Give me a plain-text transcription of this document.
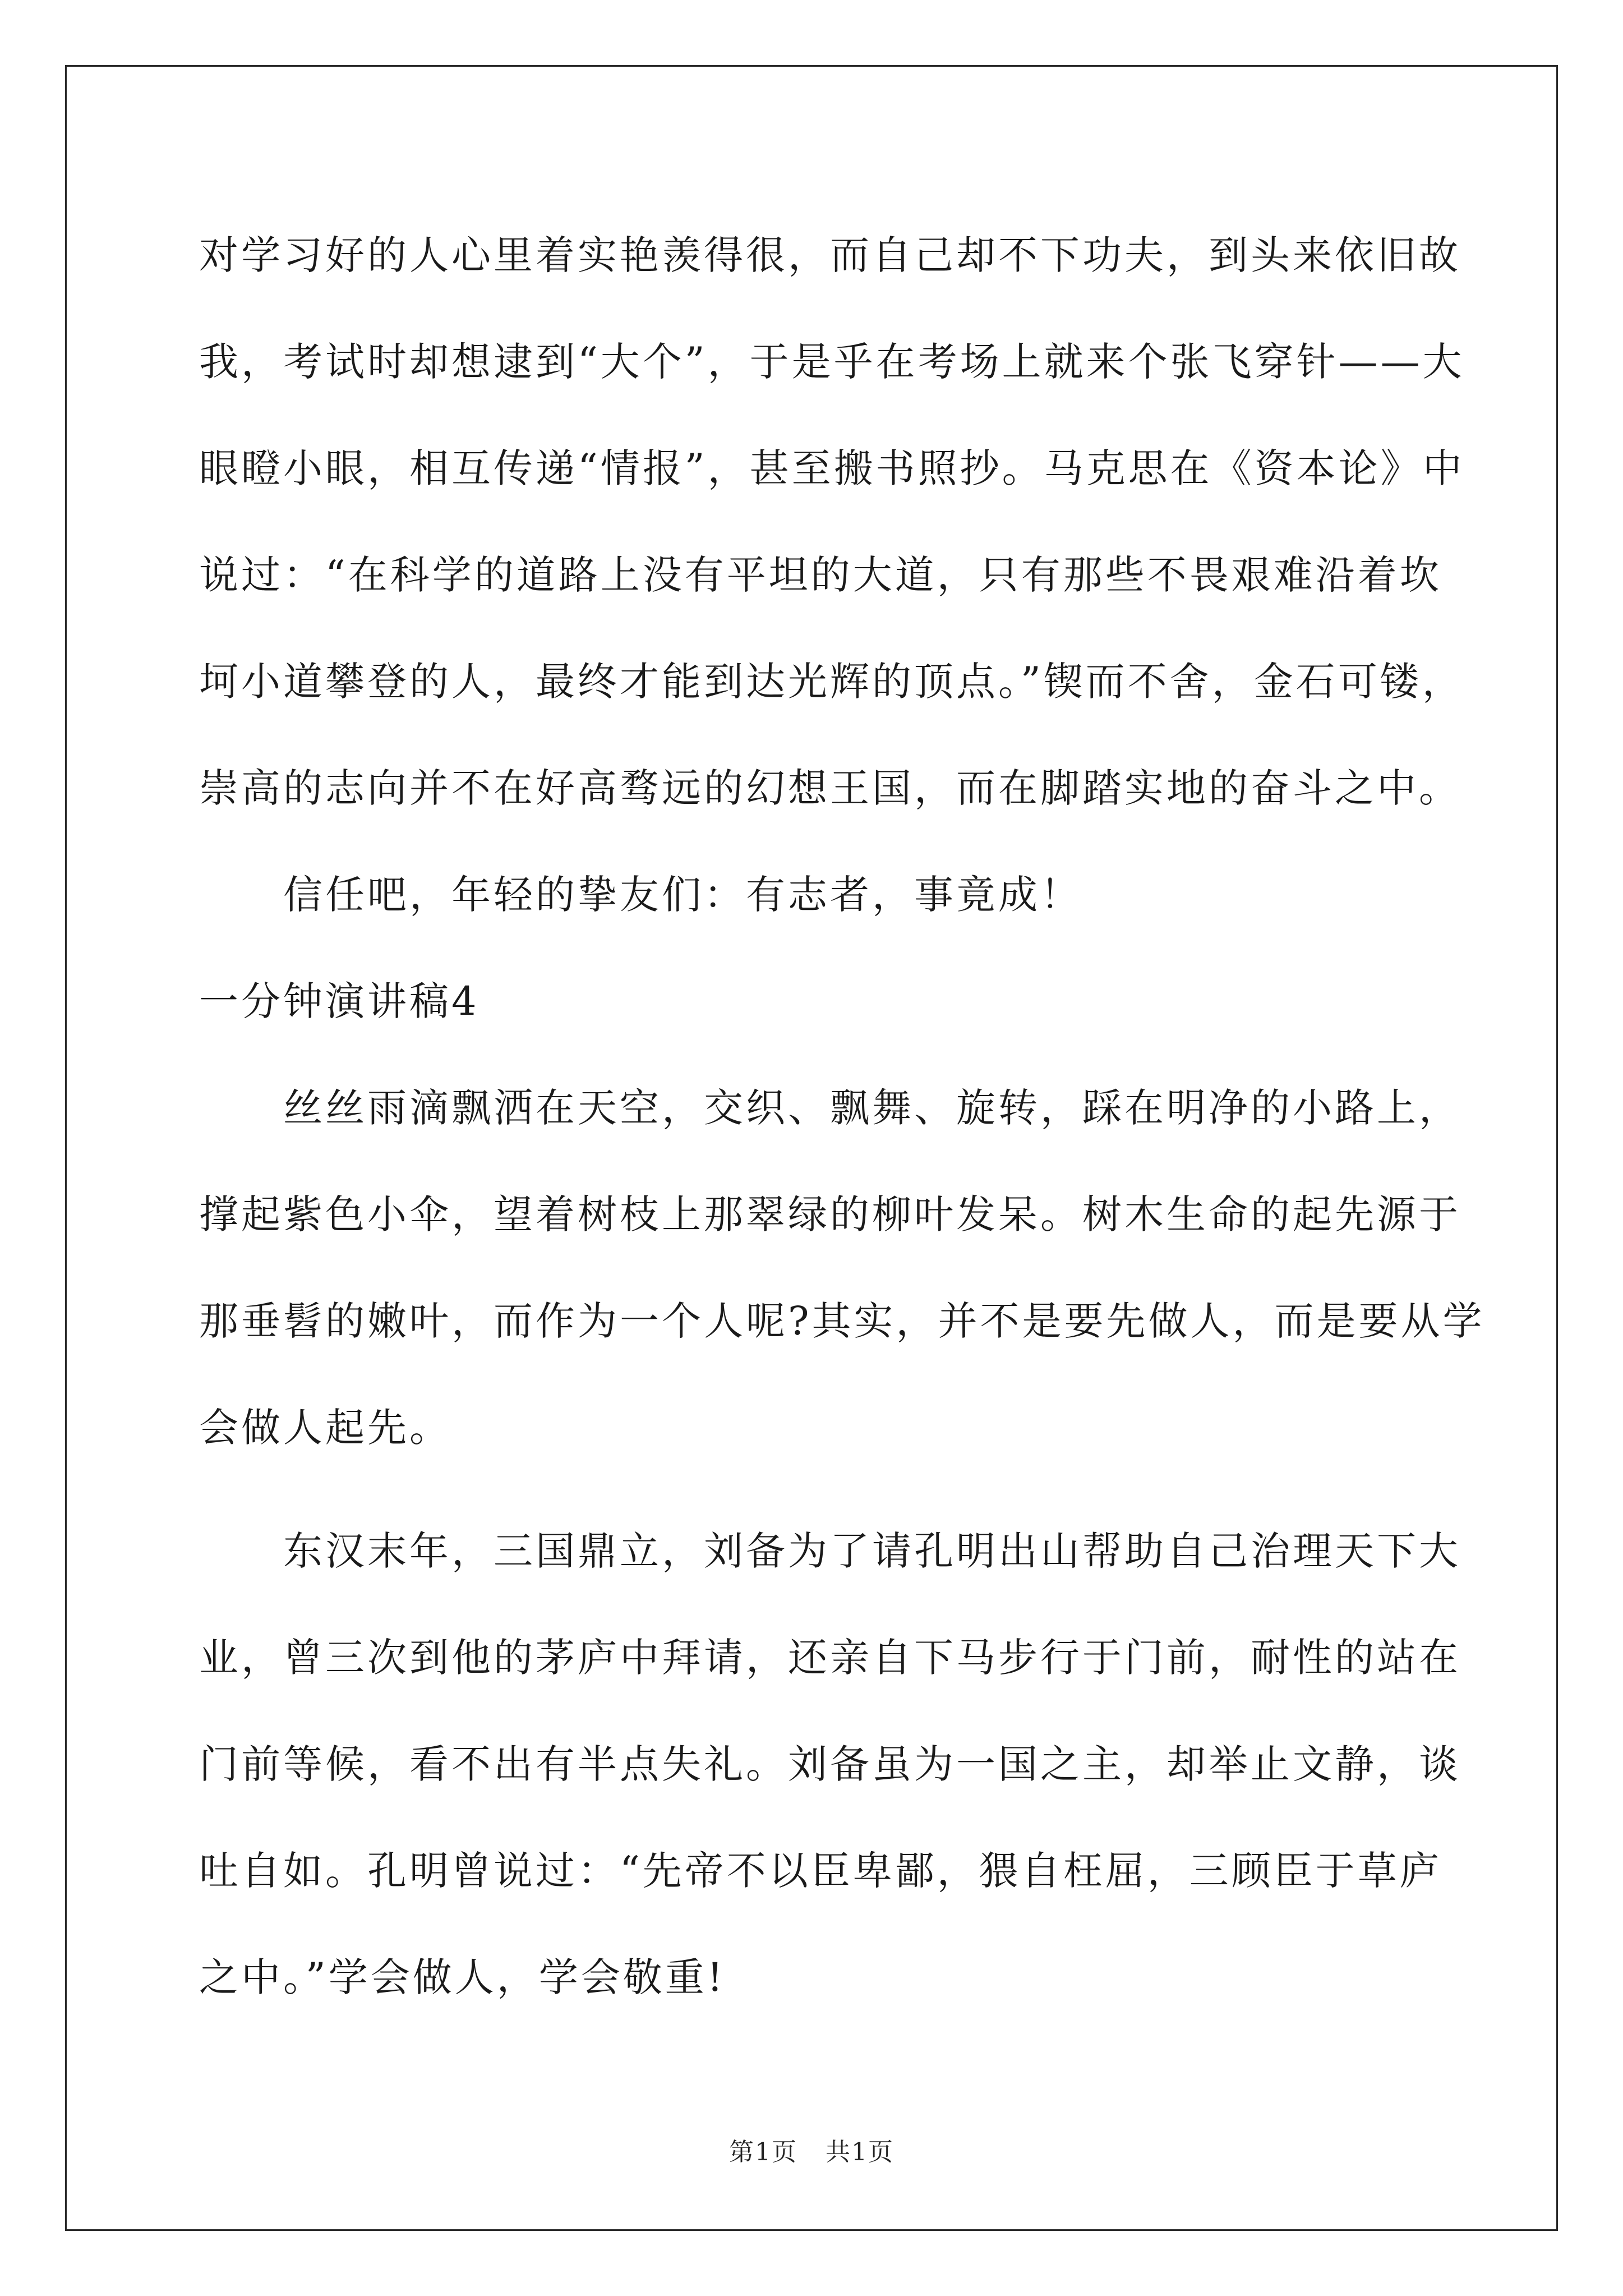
对学习好的人心里着实艳羡得很，而自己却不下功夫，到头来依旧故
我，考试时却想逮到“大个”，于是乎在考场上就来个张飞穿针——大
眼瞪小眼，相互传递“情报”，甚至搬书照抄。马克思在《资本论》中
说过：“在科学的道路上没有平坦的大道，只有那些不畏艰难沿着坎
坷小道攀登的人，最终才能到达光辉的顶点。”锲而不舍，金石可镂，
崇高的志向并不在好高骛远的幻想王国，而在脚踏实地的奋斗之中。
信任吧，年轻的挚友们：有志者，事竟成！
一分钟演讲稿4
丝丝雨滴飘洒在天空，交织、飘舞、旋转，踩在明净的小路上，
撑起紫色小伞，望着树枝上那翠绿的柳叶发呆。树木生命的起先源于
那垂髫的嫩叶，而作为一个人呢?其实，并不是要先做人，而是要从学
会做人起先。
东汉末年，三国鼎立，刘备为了请孔明出山帮助自己治理天下大
业，曾三次到他的茅庐中拜请，还亲自下马步行于门前，耐性的站在
门前等候，看不出有半点失礼。刘备虽为一国之主，却举止文静，谈
吐自如。孔明曾说过：“先帝不以臣卑鄙，猥自枉屈，三顾臣于草庐
之中。”学会做人，学会敬重!
第1页 共1页
